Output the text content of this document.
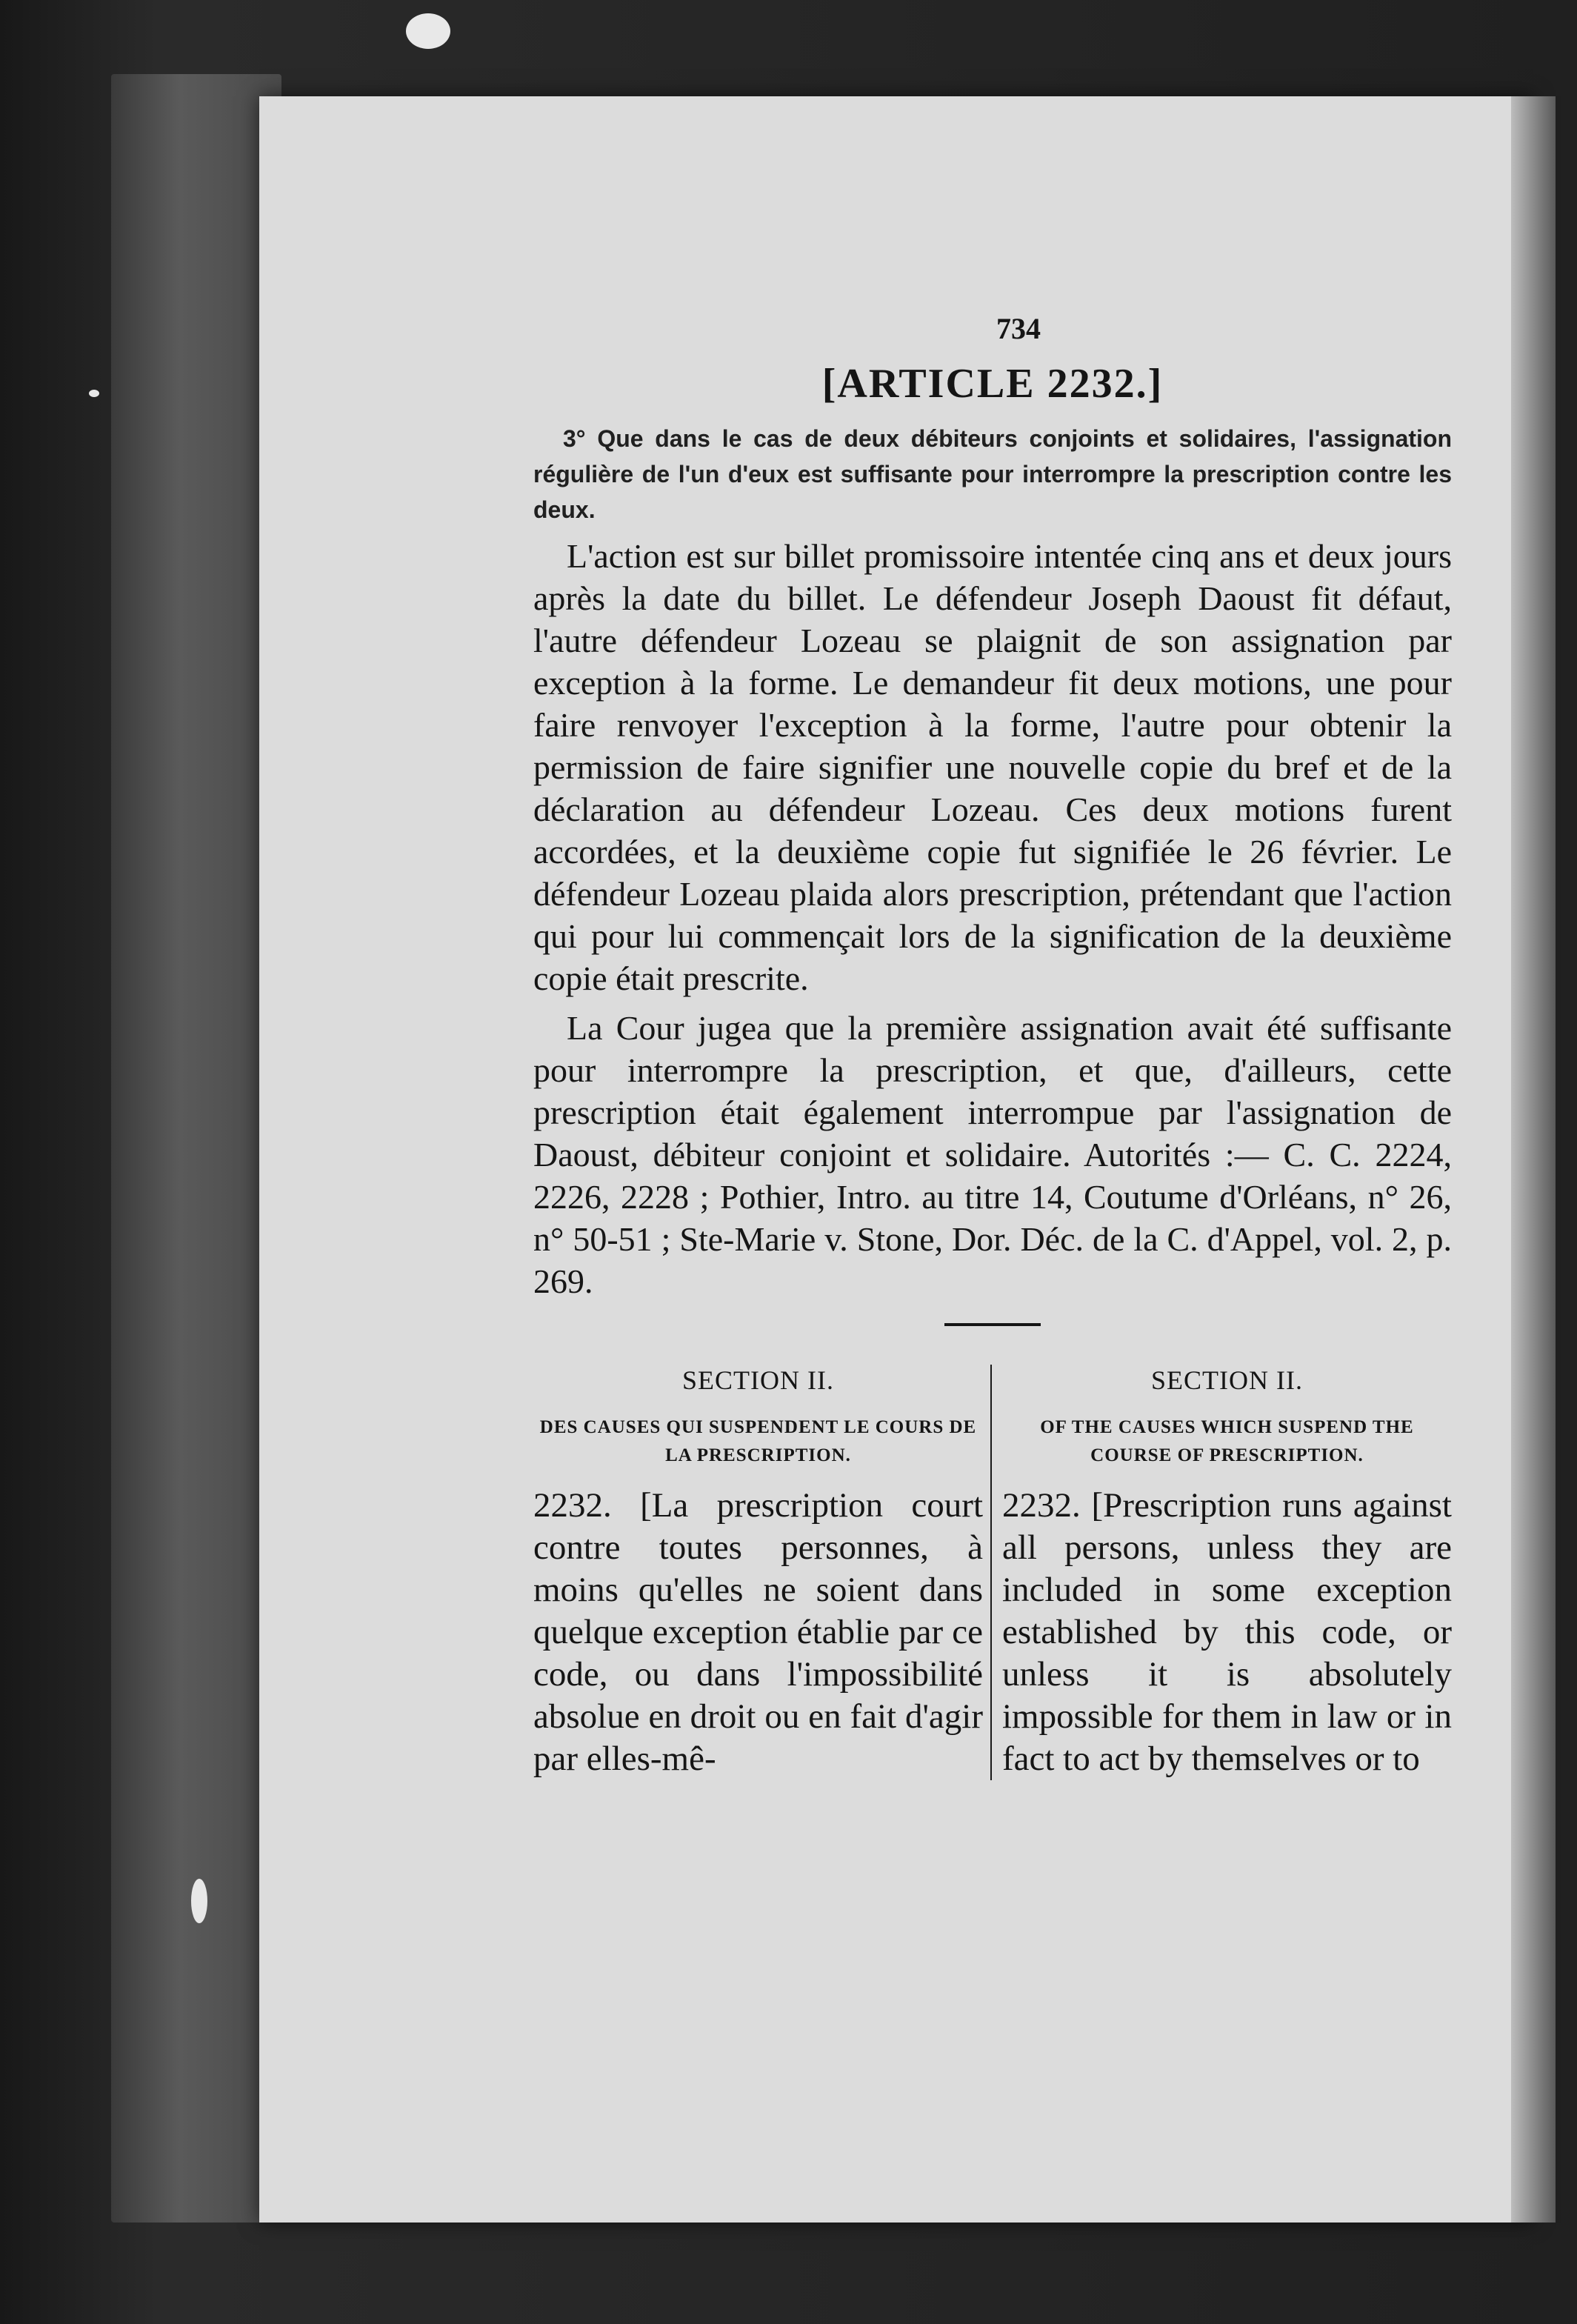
734
[ARTICLE 2232.]

3° Que dans le cas de deux débiteurs conjoints et solidaires, l'assignation régulière de l'un d'eux est suffisante pour interrompre la prescription contre les deux.

L'action est sur billet promissoire intentée cinq ans et deux jours après la date du billet. Le défendeur Joseph Daoust fit défaut, l'autre défendeur Lozeau se plaignit de son assignation par exception à la forme. Le demandeur fit deux motions, une pour faire renvoyer l'exception à la forme, l'autre pour obtenir la permission de faire signifier une nouvelle copie du bref et de la déclaration au défendeur Lozeau. Ces deux motions furent accordées, et la deuxième copie fut signifiée le 26 février. Le défendeur Lozeau plaida alors prescription, prétendant que l'action qui pour lui commençait lors de la signification de la deuxième copie était prescrite.

La Cour jugea que la première assignation avait été suffisante pour interrompre la prescription, et que, d'ailleurs, cette prescription était également interrompue par l'assignation de Daoust, débiteur conjoint et solidaire. Autorités :— C. C. 2224, 2226, 2228 ; Pothier, Intro. au titre 14, Coutume d'Orléans, n° 26, n° 50-51 ; Ste-Marie v. Stone, Dor. Déc. de la C. d'Appel, vol. 2, p. 269.

SECTION II.
DES CAUSES QUI SUSPENDENT LE COURS DE LA PRESCRIPTION.

2232. [La prescription court contre toutes personnes, à moins qu'elles ne soient dans quelque exception établie par ce code, ou dans l'impossibilité absolue en droit ou en fait d'agir par elles-mê-

SECTION II.
OF THE CAUSES WHICH SUSPEND THE COURSE OF PRESCRIPTION.

2232. [Prescription runs against all persons, unless they are included in some exception established by this code, or unless it is absolutely impossible for them in law or in fact to act by themselves or to
